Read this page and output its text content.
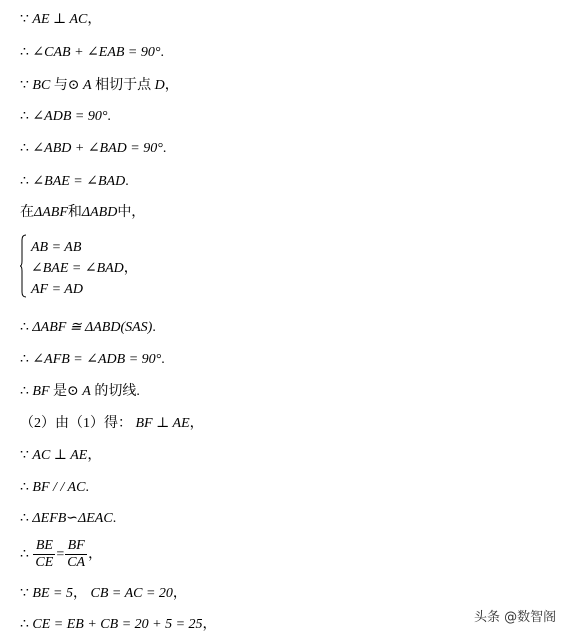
∵ AE ⊥ AC，
∴ ∠CAB + ∠EAB = 90°.
∵ BC 与⊙ A 相切于点 D，
∴ ∠ADB = 90°.
∴ ∠ABD + ∠BAD = 90°.
∴ ∠BAE = ∠BAD.
在ΔABF和ΔABD中，
AB = AB
∠BAE = ∠BAD，
AF = AD
∴ ΔABF ≅ ΔABD(SAS).
∴ ∠AFB = ∠ADB = 90°.
∴ BF 是⊙ A 的切线.
（2）由（1）得： BF ⊥ AE，
∵ AC ⊥ AE，
∴ BF / / AC.
∴ ΔEFB∽ΔEAC.
∴ $\frac{BE}{CE} = \frac{BF}{CA}$ ，
∵ BE = 5， CB = AC = 20，
∴ CE = EB + CB = 20 + 5 = 25，	头条 @数智阁
